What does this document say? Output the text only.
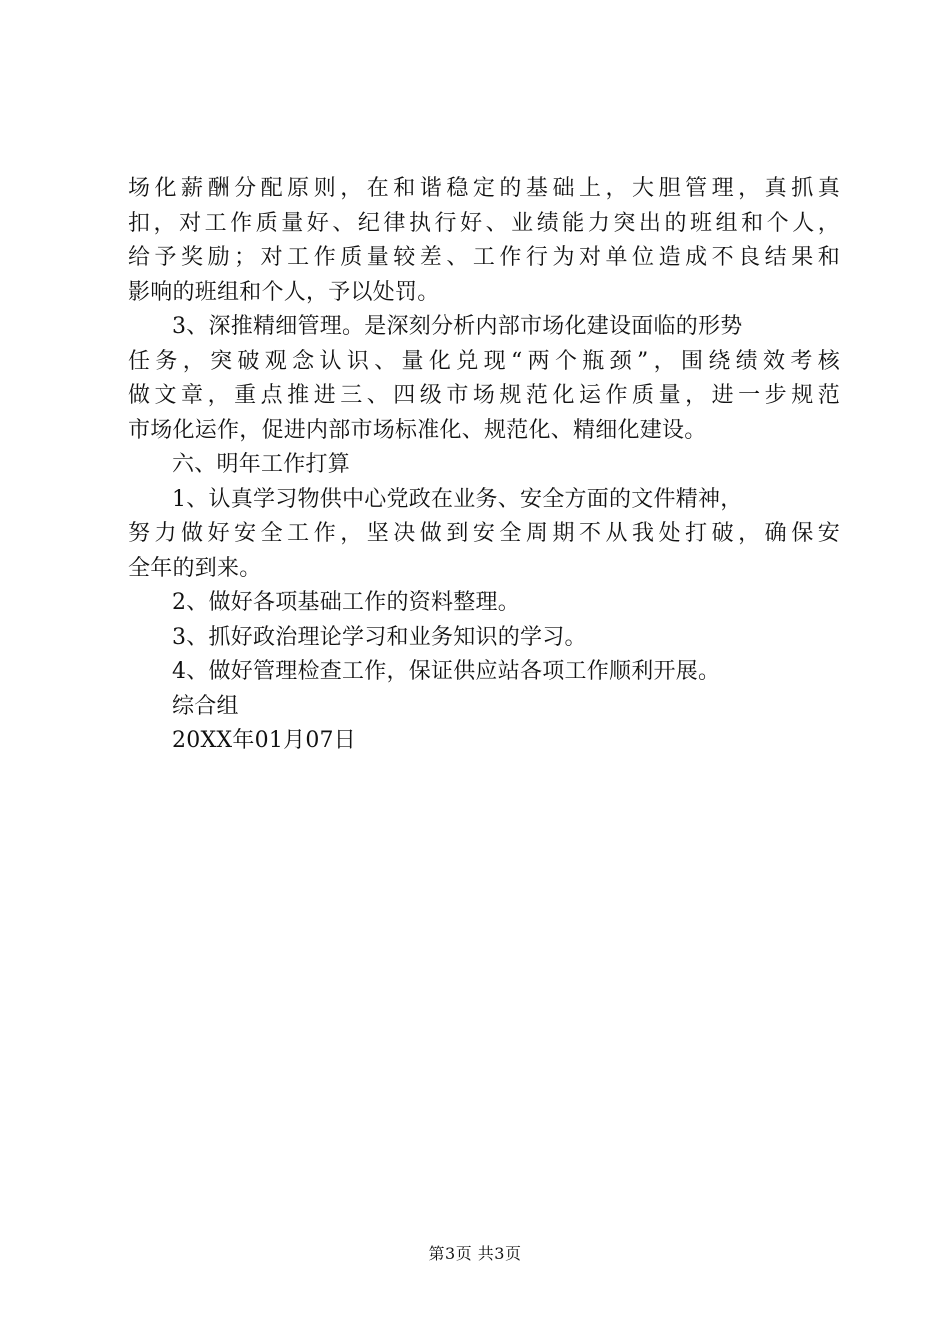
场化薪酬分配原则，在和谐稳定的基础上，大胆管理，真抓真
扣，对工作质量好、纪律执行好、业绩能力突出的班组和个人，
给予奖励；对工作质量较差、工作行为对单位造成不良结果和
影响的班组和个人，予以处罚。
3、深推精细管理。是深刻分析内部市场化建设面临的形势
任务，突破观念认识、量化兑现“两个瓶颈”，围绕绩效考核
做文章，重点推进三、四级市场规范化运作质量，进一步规范
市场化运作，促进内部市场标准化、规范化、精细化建设。
六、明年工作打算
1、认真学习物供中心党政在业务、安全方面的文件精神，
努力做好安全工作，坚决做到安全周期不从我处打破，确保安
全年的到来。
2、做好各项基础工作的资料整理。
3、抓好政治理论学习和业务知识的学习。
4、做好管理检查工作，保证供应站各项工作顺利开展。
综合组
20XX年01月07日
第3页 共3页
